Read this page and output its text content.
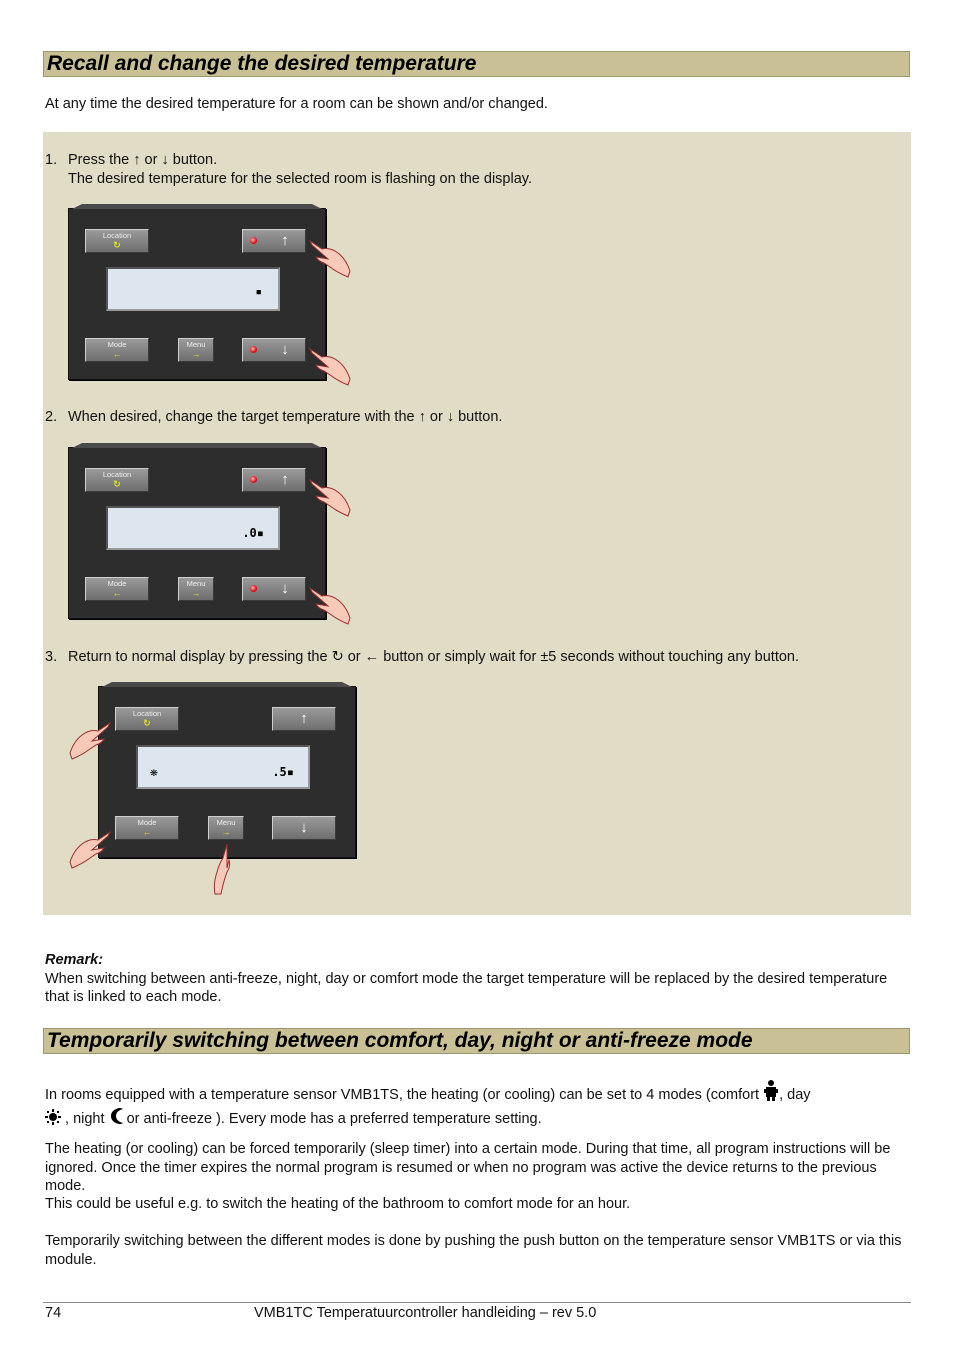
Recall and change the desired temperature

At any time the desired temperature for a room can be shown and/or changed.

1. Press the ↑ or ↓ button.
The desired temperature for the selected room is flashing on the display.
Location
↻	↑
▪
Mode
←
Menu
→	↓
2. When desired, change the target temperature with the ↑ or ↓ button.
Location
↻	↑
.0▪
Mode
←
Menu
→	↓
3. Return to normal display by pressing the ↻ or ← button or simply wait for ±5 seconds without touching any button.
Location
↻	↑
❋	.5▪
Mode
←
Menu
→	↓
Remark:
When switching between anti-freeze, night, day or comfort mode the target temperature will be replaced by the desired temperature that is linked to each mode.
Temporarily switching between comfort, day, night or anti-freeze mode
In rooms equipped with a temperature sensor VMB1TS, the heating (or cooling) can be set to 4 modes (comfort , day
, night  or anti-freeze ). Every mode has a preferred temperature setting.

The heating (or cooling) can be forced temporarily (sleep timer) into a certain mode. During that time, all program instructions will be ignored. Once the timer expires the normal program is resumed or when no program was active the device returns to the previous mode.

This could be useful e.g. to switch the heating of the bathroom to comfort mode for an hour.

Temporarily switching between the different modes is done by pushing the push button on the temperature sensor VMB1TS or via this module.

74	VMB1TC Temperatuurcontroller handleiding – rev 5.0
